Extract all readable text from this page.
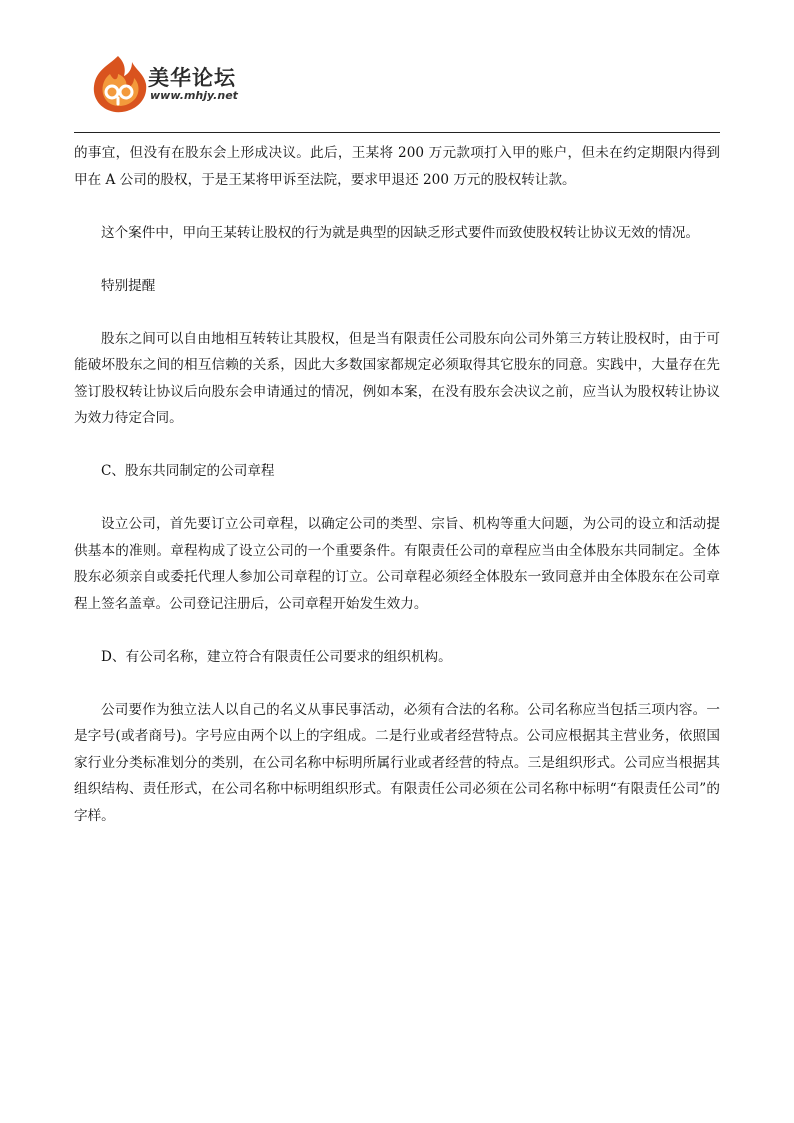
美华论坛
www.mhjy.net

的事宜，但没有在股东会上形成决议。此后，王某将 200 万元款项打入甲的账户，但未在约定期限内得到甲在 A 公司的股权，于是王某将甲诉至法院，要求甲退还 200 万元的股权转让款。

这个案件中，甲向王某转让股权的行为就是典型的因缺乏形式要件而致使股权转让协议无效的情况。

特别提醒

股东之间可以自由地相互转转让其股权，但是当有限责任公司股东向公司外第三方转让股权时，由于可能破坏股东之间的相互信赖的关系，因此大多数国家都规定必须取得其它股东的同意。实践中，大量存在先签订股权转让协议后向股东会申请通过的情况，例如本案，在没有股东会决议之前，应当认为股权转让协议为效力待定合同。

C、股东共同制定的公司章程

设立公司，首先要订立公司章程，以确定公司的类型、宗旨、机构等重大问题，为公司的设立和活动提供基本的准则。章程构成了设立公司的一个重要条件。有限责任公司的章程应当由全体股东共同制定。全体股东必须亲自或委托代理人参加公司章程的订立。公司章程必须经全体股东一致同意并由全体股东在公司章程上签名盖章。公司登记注册后，公司章程开始发生效力。

D、有公司名称，建立符合有限责任公司要求的组织机构。

公司要作为独立法人以自己的名义从事民事活动，必须有合法的名称。公司名称应当包括三项内容。一是字号(或者商号)。字号应由两个以上的字组成。二是行业或者经营特点。公司应根据其主营业务，依照国家行业分类标准划分的类别，在公司名称中标明所属行业或者经营的特点。三是组织形式。公司应当根据其组织结构、责任形式，在公司名称中标明组织形式。有限责任公司必须在公司名称中标明“有限责任公司”的字样。
